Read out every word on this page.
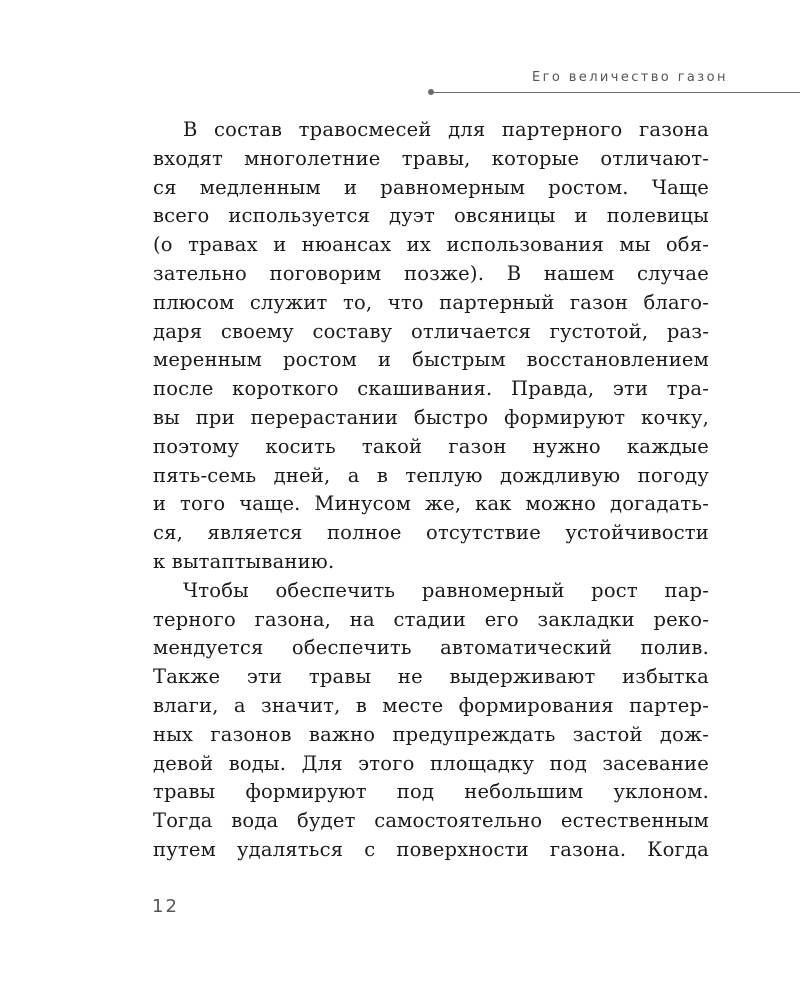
Его величество газон

В состав травосмесей для партерного газона
входят многолетние травы, которые отличают-
ся медленным и равномерным ростом. Чаще
всего используется дуэт овсяницы и полевицы
(о травах и нюансах их использования мы обя-
зательно поговорим позже). В нашем случае
плюсом служит то, что партерный газон благо-
даря своему составу отличается густотой, раз-
меренным ростом и быстрым восстановлением
после короткого скашивания. Правда, эти тра-
вы при перерастании быстро формируют кочку,
поэтому косить такой газон нужно каждые
пять-семь дней, а в теплую дождливую погоду
и того чаще. Минусом же, как можно догадать-
ся, является полное отсутствие устойчивости
к вытаптыванию.

Чтобы обеспечить равномерный рост пар-
терного газона, на стадии его закладки реко-
мендуется обеспечить автоматический полив.
Также эти травы не выдерживают избытка
влаги, а значит, в месте формирования партер-
ных газонов важно предупреждать застой дож-
девой воды. Для этого площадку под засевание
травы формируют под небольшим уклоном.
Тогда вода будет самостоятельно естественным
путем удаляться с поверхности газона. Когда

12
